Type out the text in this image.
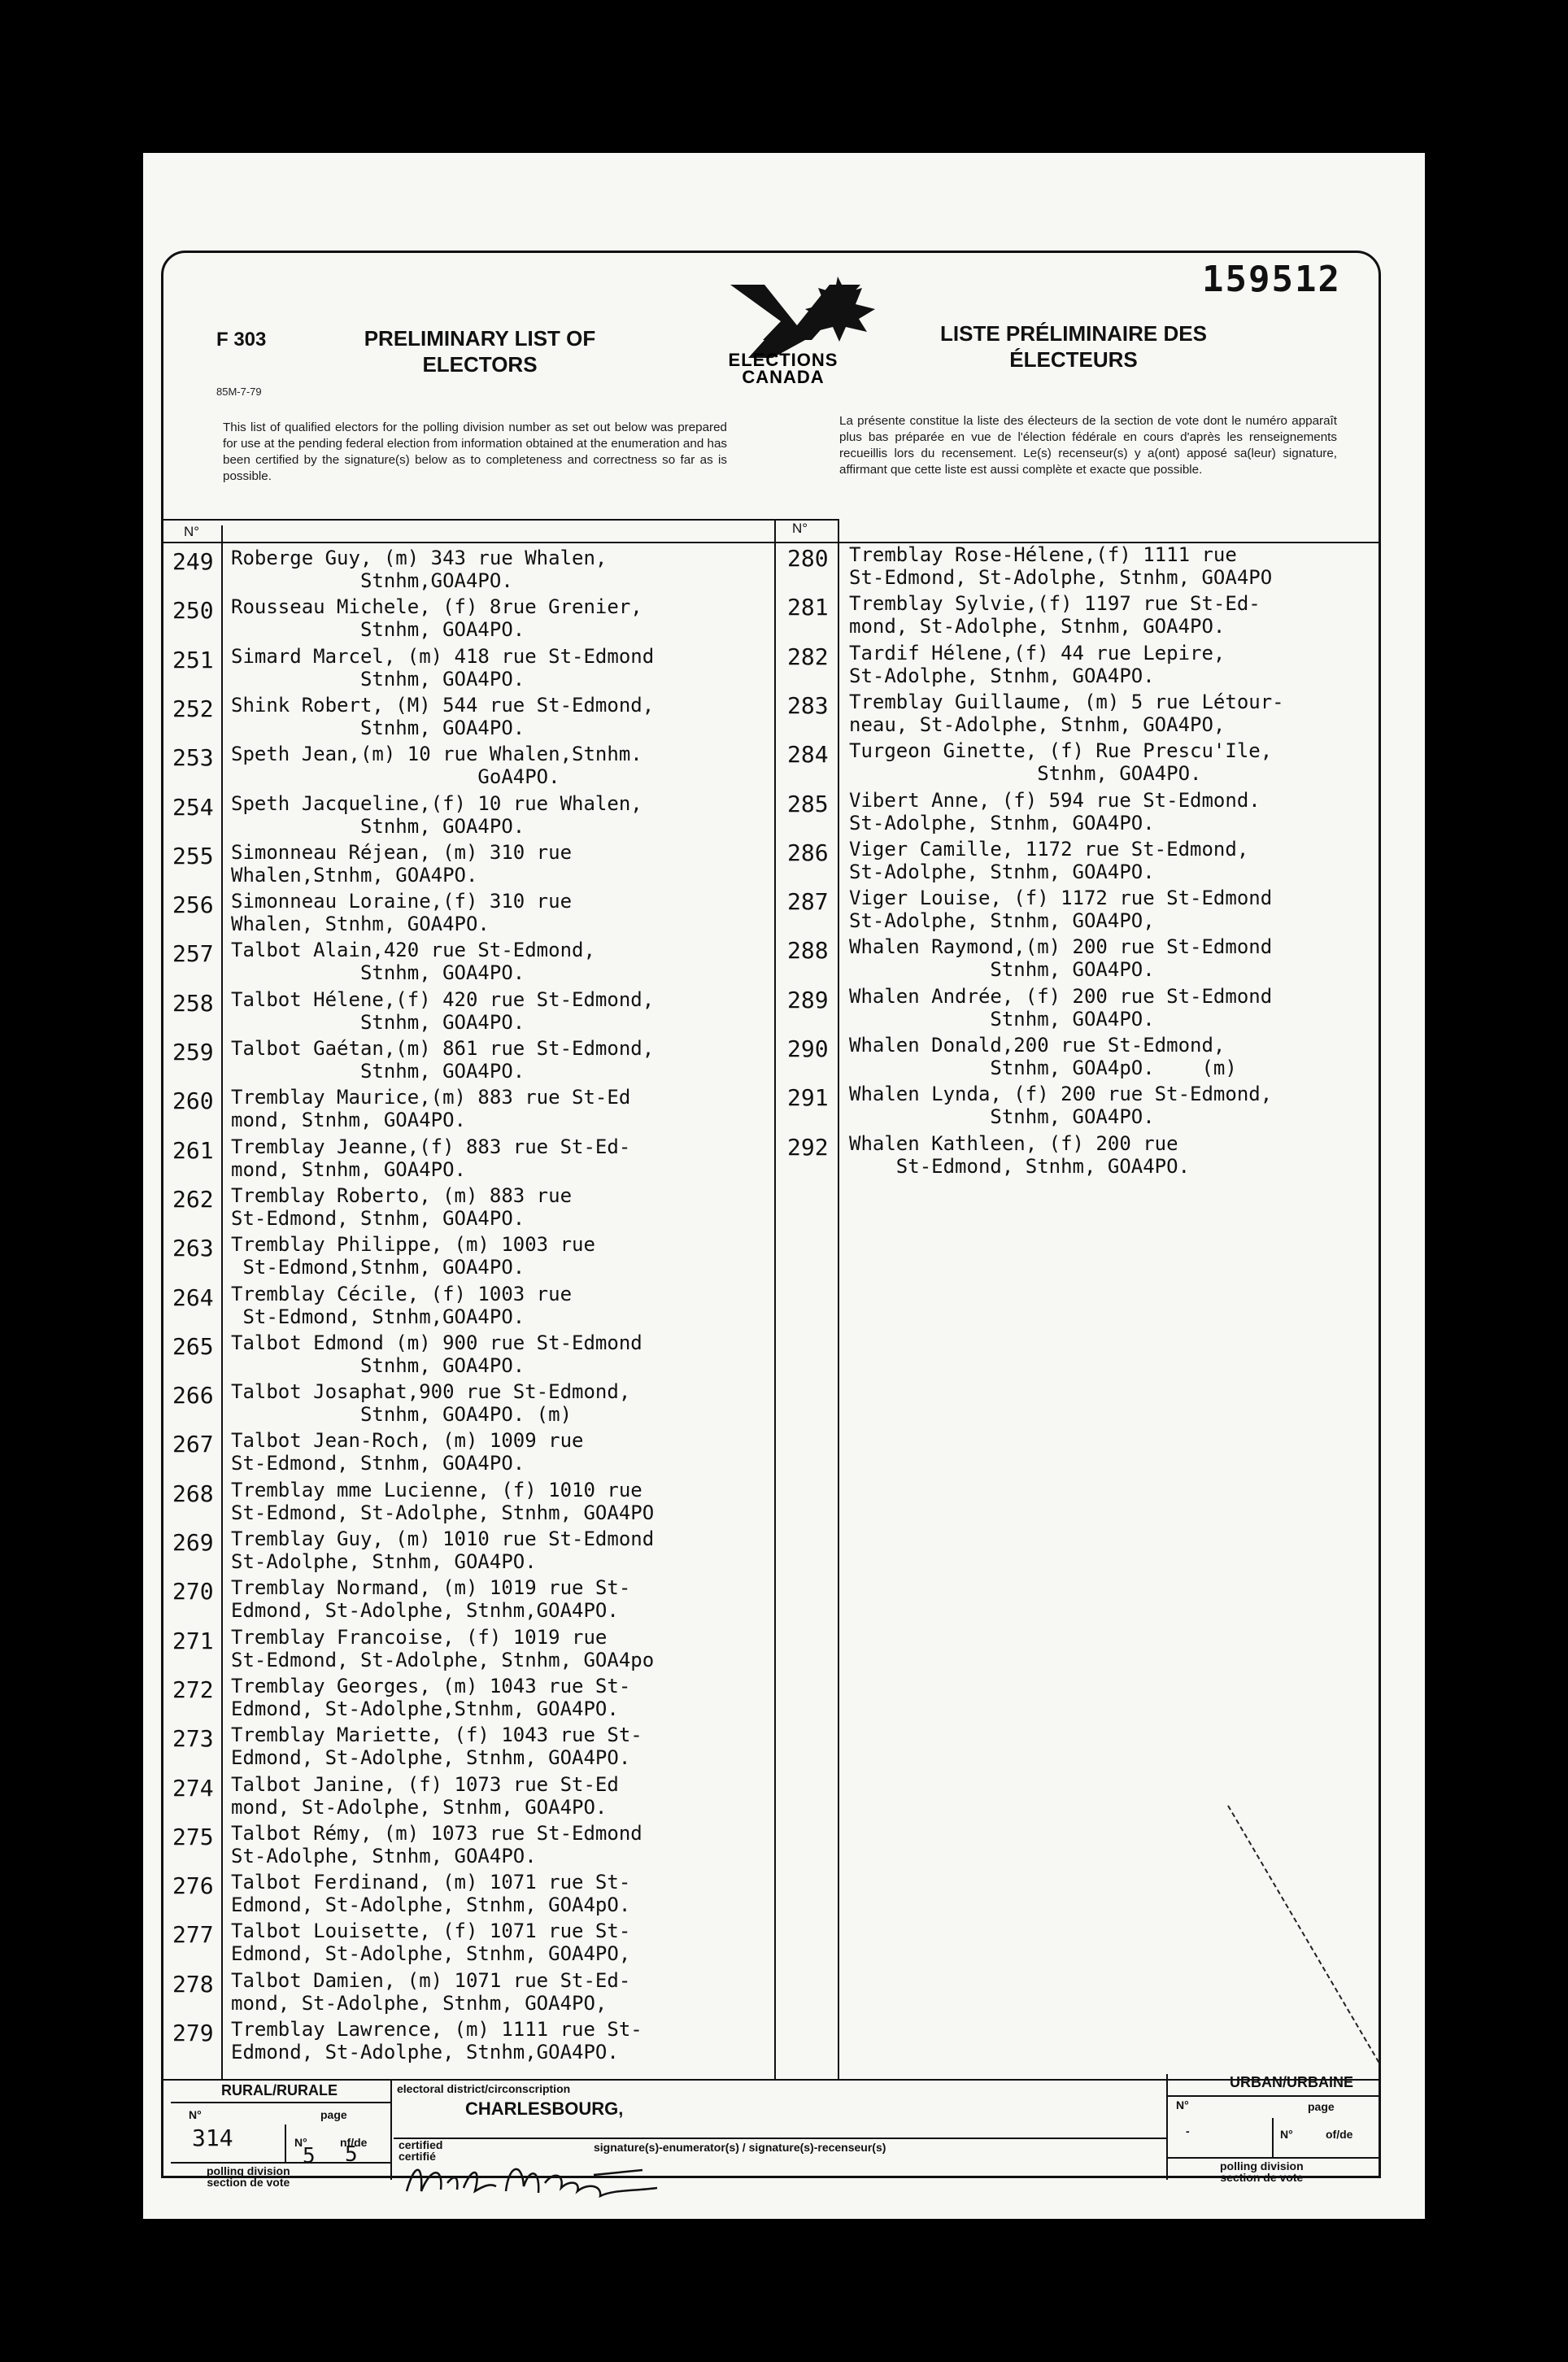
159512
F 303
85M-7-79
PRELIMINARY LIST OF
ELECTORS
LISTE PRÉLIMINAIRE DES
ÉLECTEURS
ELECTIONS
CANADA
This list of qualified electors for the polling division number as set out below was prepared for use at the pending federal election from information obtained at the enumeration and has been certified by the signature(s) below as to completeness and correctness so far as is possible.
La présente constitue la liste des électeurs de la section de vote dont le numéro apparaît plus bas préparée en vue de l'élection fédérale en cours d'après les renseignements recueillis lors du recensement. Le(s) recenseur(s) y a(ont) apposé sa(leur) signature, affirmant que cette liste est aussi complète et exacte que possible.
N°	N°
249 Roberge Guy, (m) 343 rue Whalen,
Stnhm,GOA4PO.
250 Rousseau Michele, (f) 8rue Grenier,
Stnhm, GOA4PO.
251 Simard Marcel, (m) 418 rue St-Edmond
Stnhm, GOA4PO.
252 Shink Robert, (M) 544 rue St-Edmond,
Stnhm, GOA4PO.
253 Speth Jean,(m) 10 rue Whalen,Stnhm.
GoA4PO.
254 Speth Jacqueline,(f) 10 rue Whalen,
Stnhm, GOA4PO.
255 Simonneau Réjean, (m) 310 rue
Whalen,Stnhm, GOA4PO.
256 Simonneau Loraine,(f) 310 rue
Whalen, Stnhm, GOA4PO.
257 Talbot Alain,420 rue St-Edmond,
Stnhm, GOA4PO.
258 Talbot Hélene,(f) 420 rue St-Edmond,
Stnhm, GOA4PO.
259 Talbot Gaétan,(m) 861 rue St-Edmond,
Stnhm, GOA4PO.
260 Tremblay Maurice,(m) 883 rue St-Ed
mond, Stnhm, GOA4PO.
261 Tremblay Jeanne,(f) 883 rue St-Ed-
mond, Stnhm, GOA4PO.
262 Tremblay Roberto, (m) 883 rue
St-Edmond, Stnhm, GOA4PO.
263 Tremblay Philippe, (m) 1003 rue
St-Edmond,Stnhm, GOA4PO.
264 Tremblay Cécile, (f) 1003 rue
St-Edmond, Stnhm,GOA4PO.
265 Talbot Edmond (m) 900 rue St-Edmond
Stnhm, GOA4PO.
266 Talbot Josaphat,900 rue St-Edmond,
Stnhm, GOA4PO. (m)
267 Talbot Jean-Roch, (m) 1009 rue
St-Edmond, Stnhm, GOA4PO.
268 Tremblay mme Lucienne, (f) 1010 rue
St-Edmond, St-Adolphe, Stnhm, GOA4PO
269 Tremblay Guy, (m) 1010 rue St-Edmond
St-Adolphe, Stnhm, GOA4PO.
270 Tremblay Normand, (m) 1019 rue St-
Edmond, St-Adolphe, Stnhm,GOA4PO.
271 Tremblay Francoise, (f) 1019 rue
St-Edmond, St-Adolphe, Stnhm, GOA4po
272 Tremblay Georges, (m) 1043 rue St-
Edmond, St-Adolphe,Stnhm, GOA4PO.
273 Tremblay Mariette, (f) 1043 rue St-
Edmond, St-Adolphe, Stnhm, GOA4PO.
274 Talbot Janine, (f) 1073 rue St-Ed
mond, St-Adolphe, Stnhm, GOA4PO.
275 Talbot Rémy, (m) 1073 rue St-Edmond
St-Adolphe, Stnhm, GOA4PO.
276 Talbot Ferdinand, (m) 1071 rue St-
Edmond, St-Adolphe, Stnhm, GOA4pO.
277 Talbot Louisette, (f) 1071 rue St-
Edmond, St-Adolphe, Stnhm, GOA4PO,
278 Talbot Damien, (m) 1071 rue St-Ed-
mond, St-Adolphe, Stnhm, GOA4PO,
279 Tremblay Lawrence, (m) 1111 rue St-
Edmond, St-Adolphe, Stnhm,GOA4PO.
280 Tremblay Rose-Hélene,(f) 1111 rue
St-Edmond, St-Adolphe, Stnhm, GOA4PO
281 Tremblay Sylvie,(f) 1197 rue St-Ed-
mond, St-Adolphe, Stnhm, GOA4PO.
282 Tardif Hélene,(f) 44 rue Lepire,
St-Adolphe, Stnhm, GOA4PO.
283 Tremblay Guillaume, (m) 5 rue Létour-
neau, St-Adolphe, Stnhm, GOA4PO,
284 Turgeon Ginette, (f) Rue Prescu'Ile,
Stnhm, GOA4PO.
285 Vibert Anne, (f) 594 rue St-Edmond.
St-Adolphe, Stnhm, GOA4PO.
286 Viger Camille, 1172 rue St-Edmond,
St-Adolphe, Stnhm, GOA4PO.
287 Viger Louise, (f) 1172 rue St-Edmond
St-Adolphe, Stnhm, GOA4PO,
288 Whalen Raymond,(m) 200 rue St-Edmond
Stnhm, GOA4PO.
289 Whalen Andrée, (f) 200 rue St-Edmond
Stnhm, GOA4PO.
290 Whalen Donald,200 rue St-Edmond,
Stnhm, GOA4pO.    (m)
291 Whalen Lynda, (f) 200 rue St-Edmond,
Stnhm, GOA4PO.
292 Whalen Kathleen, (f) 200 rue
St-Edmond, Stnhm, GOA4PO.
RURAL/RURALE
N°	page
314	N°	nf/de
5 5
polling division
section de vote
electoral district/circonscription
CHARLESBOURG,
certified
certifié
signature(s)-enumerator(s) / signature(s)-recenseur(s)
URBAN/URBAINE
N°	page
-	N°	of/de
polling division
section de vote
